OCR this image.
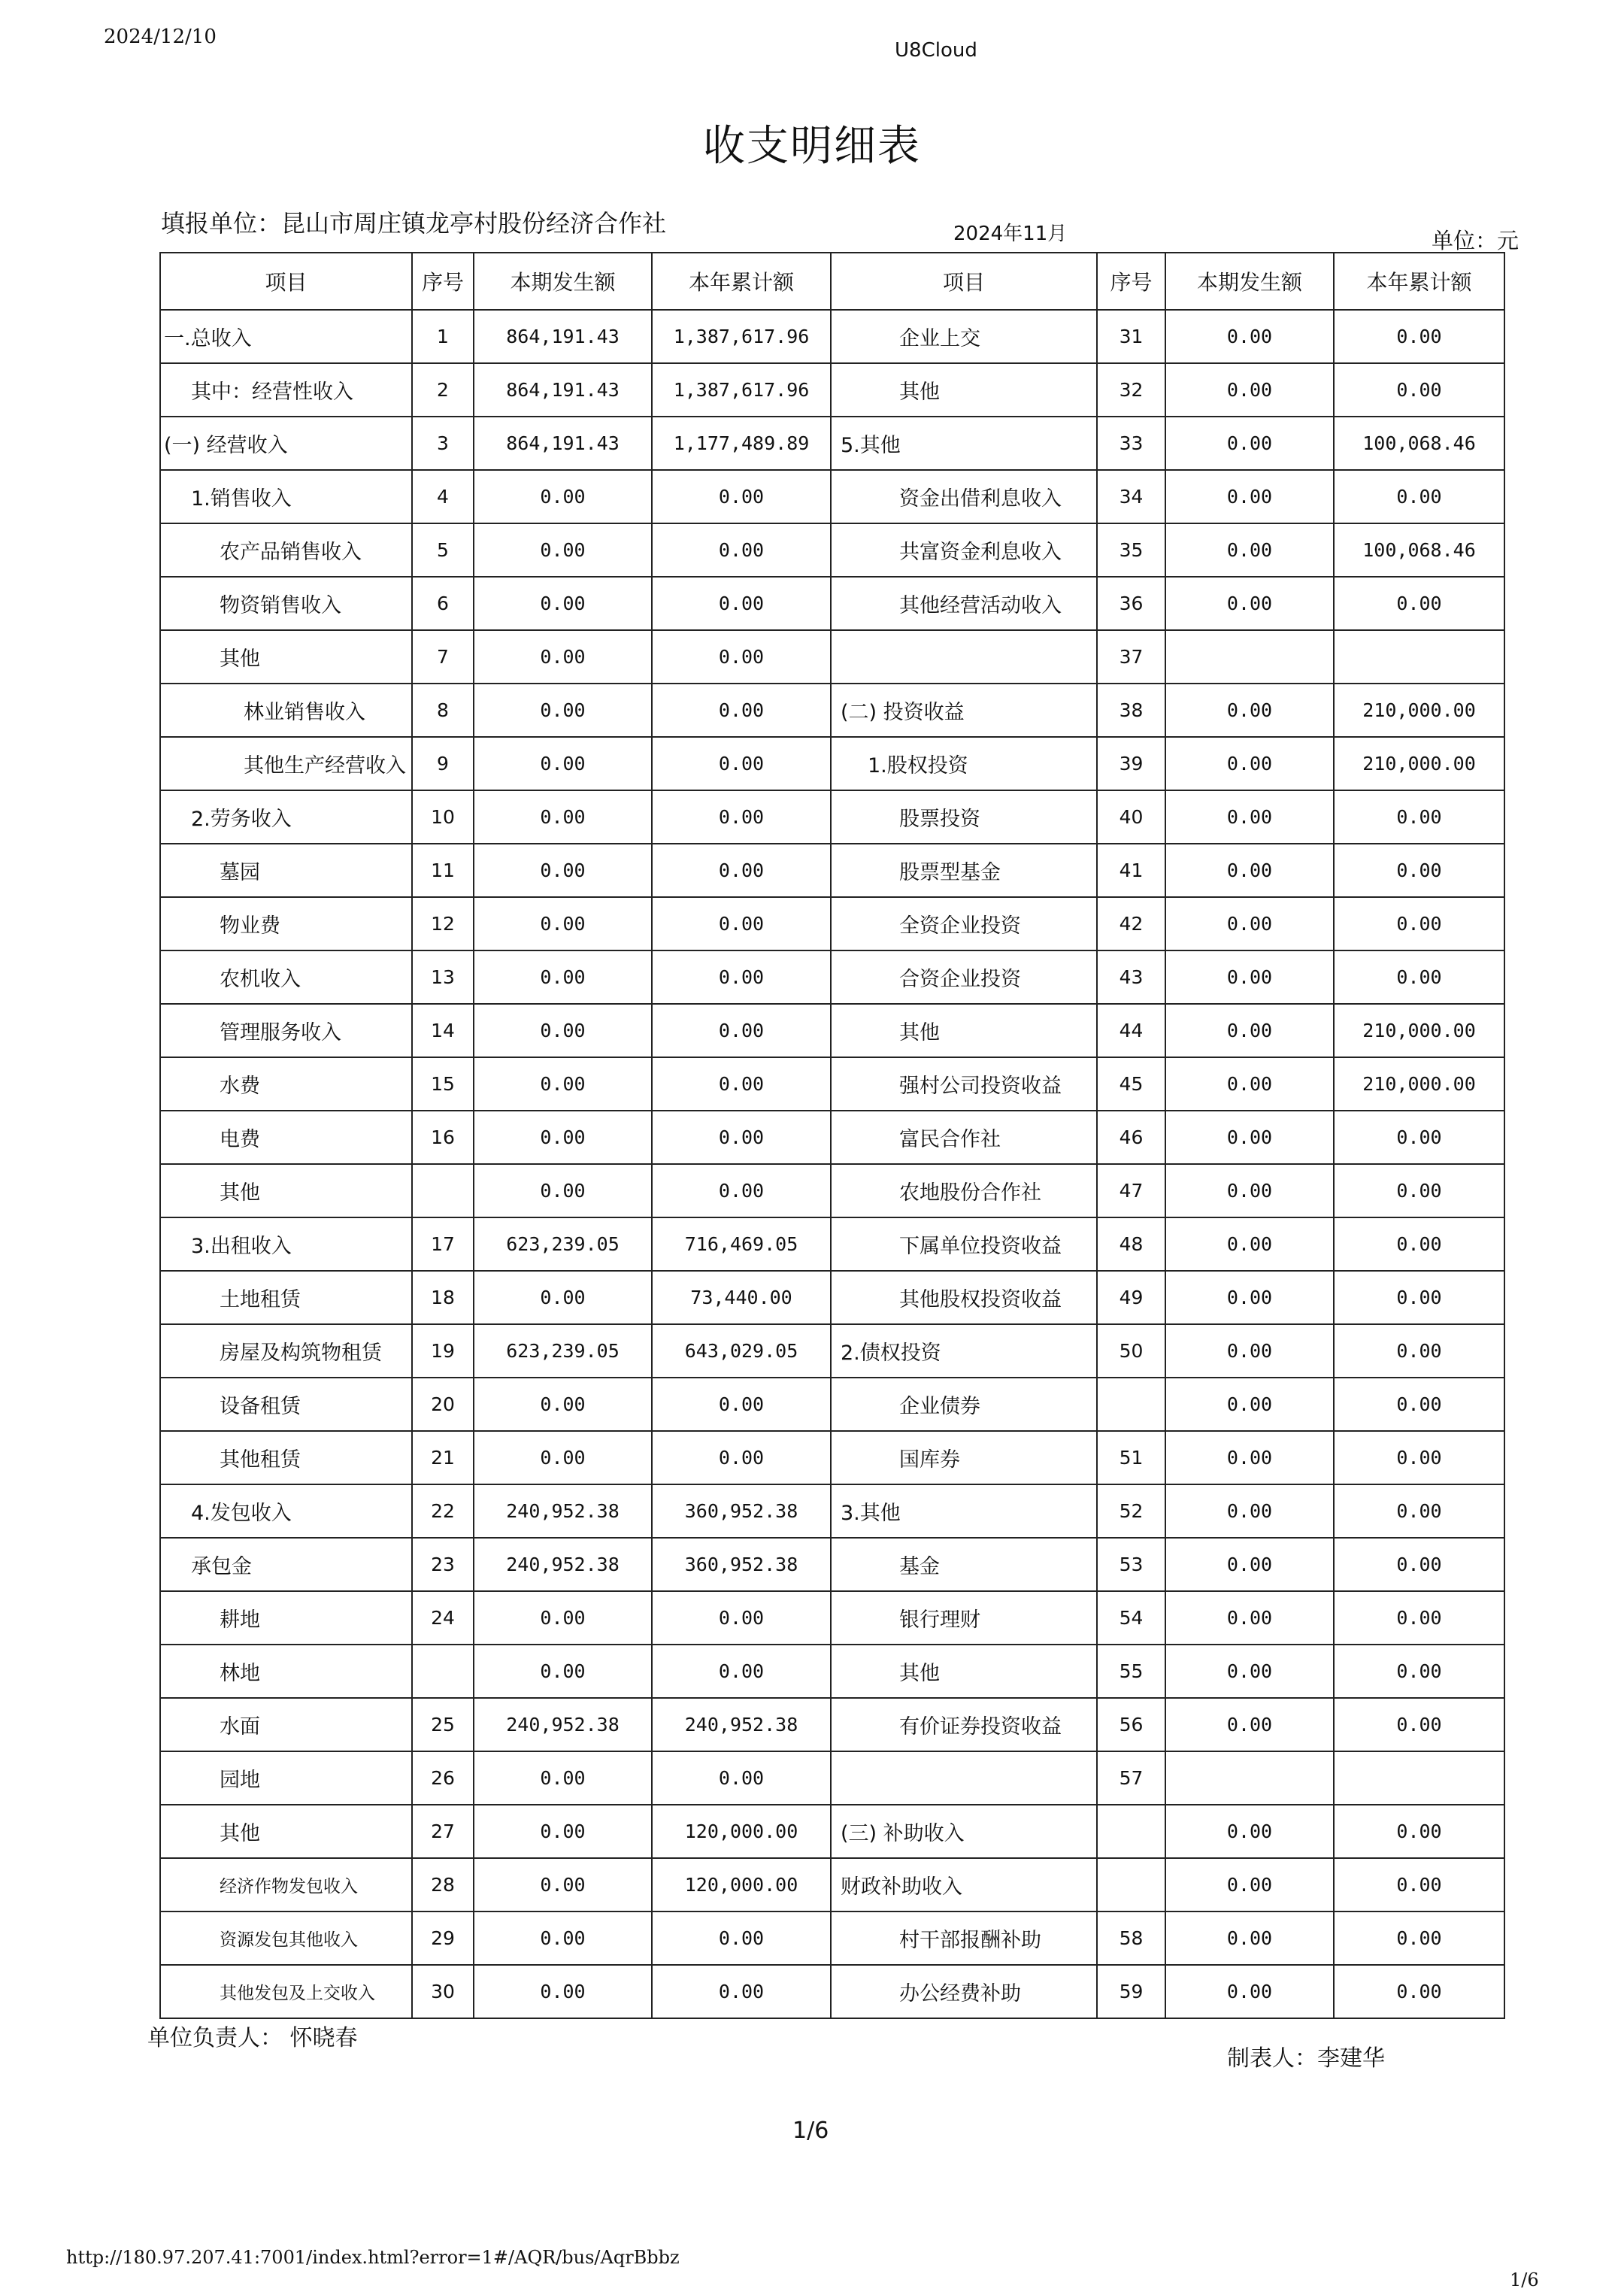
2024/12/10
U8Cloud
收支明细表
填报单位：昆山市周庄镇龙亭村股份经济合作社	2024年11月	单位：元
项目	序号	本期发生额	本年累计额	项目	序号	本期发生额	本年累计额
一.总收入	1	864,191.43	1,387,617.96	企业上交	31	0.00	0.00
其中：经营性收入	2	864,191.43	1,387,617.96	其他	32	0.00	0.00
(一) 经营收入	3	864,191.43	1,177,489.89	5.其他	33	0.00	100,068.46
1.销售收入	4	0.00	0.00	资金出借利息收入	34	0.00	0.00
农产品销售收入	5	0.00	0.00	共富资金利息收入	35	0.00	100,068.46
物资销售收入	6	0.00	0.00	其他经营活动收入	36	0.00	0.00
其他	7	0.00	0.00		37		
林业销售收入	8	0.00	0.00	(二) 投资收益	38	0.00	210,000.00
其他生产经营收入	9	0.00	0.00	1.股权投资	39	0.00	210,000.00
2.劳务收入	10	0.00	0.00	股票投资	40	0.00	0.00
墓园	11	0.00	0.00	股票型基金	41	0.00	0.00
物业费	12	0.00	0.00	全资企业投资	42	0.00	0.00
农机收入	13	0.00	0.00	合资企业投资	43	0.00	0.00
管理服务收入	14	0.00	0.00	其他	44	0.00	210,000.00
水费	15	0.00	0.00	强村公司投资收益	45	0.00	210,000.00
电费	16	0.00	0.00	富民合作社	46	0.00	0.00
其他		0.00	0.00	农地股份合作社	47	0.00	0.00
3.出租收入	17	623,239.05	716,469.05	下属单位投资收益	48	0.00	0.00
土地租赁	18	0.00	73,440.00	其他股权投资收益	49	0.00	0.00
房屋及构筑物租赁	19	623,239.05	643,029.05	2.债权投资	50	0.00	0.00
设备租赁	20	0.00	0.00	企业债券		0.00	0.00
其他租赁	21	0.00	0.00	国库券	51	0.00	0.00
4.发包收入	22	240,952.38	360,952.38	3.其他	52	0.00	0.00
承包金	23	240,952.38	360,952.38	基金	53	0.00	0.00
耕地	24	0.00	0.00	银行理财	54	0.00	0.00
林地		0.00	0.00	其他	55	0.00	0.00
水面	25	240,952.38	240,952.38	有价证券投资收益	56	0.00	0.00
园地	26	0.00	0.00		57		
其他	27	0.00	120,000.00	(三) 补助收入		0.00	0.00
经济作物发包收入	28	0.00	120,000.00	财政补助收入		0.00	0.00
资源发包其他收入	29	0.00	0.00	村干部报酬补助	58	0.00	0.00
其他发包及上交收入	30	0.00	0.00	办公经费补助	59	0.00	0.00
单位负责人： 怀晓春
制表人：李建华
1/6
http://180.97.207.41:7001/index.html?error=1#/AQR/bus/AqrBbbz
1/6
